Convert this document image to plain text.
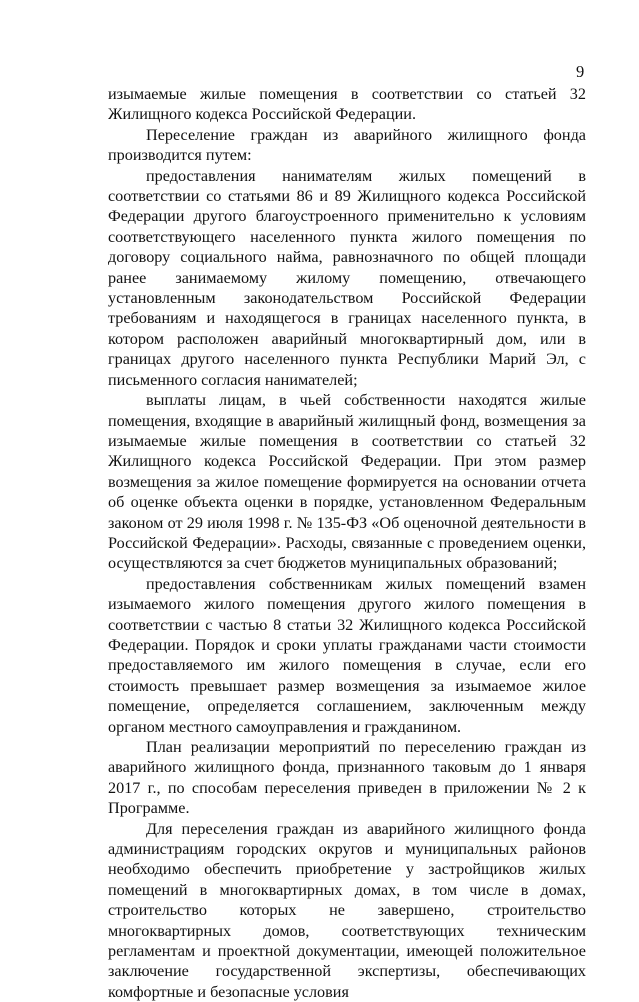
9

изымаемые жилые помещения в соответствии со статьей 32 Жилищного кодекса Российской Федерации.

Переселение граждан из аварийного жилищного фонда производится путем:

предоставления нанимателям жилых помещений в соответствии со статьями 86 и 89 Жилищного кодекса Российской Федерации другого благоустроенного применительно к условиям соответствующего населенного пункта жилого помещения по договору социального найма, равнозначного по общей площади ранее занимаемому жилому помещению, отвечающего установленным законодательством Российской Федерации требованиям и находящегося в границах населенного пункта, в котором расположен аварийный многоквартирный дом, или в границах другого населенного пункта Республики Марий Эл, с письменного согласия нанимателей;

выплаты лицам, в чьей собственности находятся жилые помещения, входящие в аварийный жилищный фонд, возмещения за изымаемые жилые помещения в соответствии со статьей 32 Жилищного кодекса Российской Федерации. При этом размер возмещения за жилое помещение формируется на основании отчета об оценке объекта оценки в порядке, установленном Федеральным законом от 29 июля 1998 г. № 135-ФЗ «Об оценочной деятельности в Российской Федерации». Расходы, связанные с проведением оценки, осуществляются за счет бюджетов муниципальных образований;

предоставления собственникам жилых помещений взамен изымаемого жилого помещения другого жилого помещения в соответствии с частью 8 статьи 32 Жилищного кодекса Российской Федерации. Порядок и сроки уплаты гражданами части стоимости предоставляемого им жилого помещения в случае, если его стоимость превышает размер возмещения за изымаемое жилое помещение, определяется соглашением, заключенным между органом местного самоуправления и гражданином.

План реализации мероприятий по переселению граждан из аварийного жилищного фонда, признанного таковым до 1 января 2017 г., по способам переселения приведен в приложении № 2 к Программе.

Для переселения граждан из аварийного жилищного фонда администрациям городских округов и муниципальных районов необходимо обеспечить приобретение у застройщиков жилых помещений в многоквартирных домах, в том числе в домах, строительство которых не завершено, строительство многоквартирных домов, соответствующих техническим регламентам и проектной документации, имеющей положительное заключение государственной экспертизы, обеспечивающих комфортные и безопасные условия
